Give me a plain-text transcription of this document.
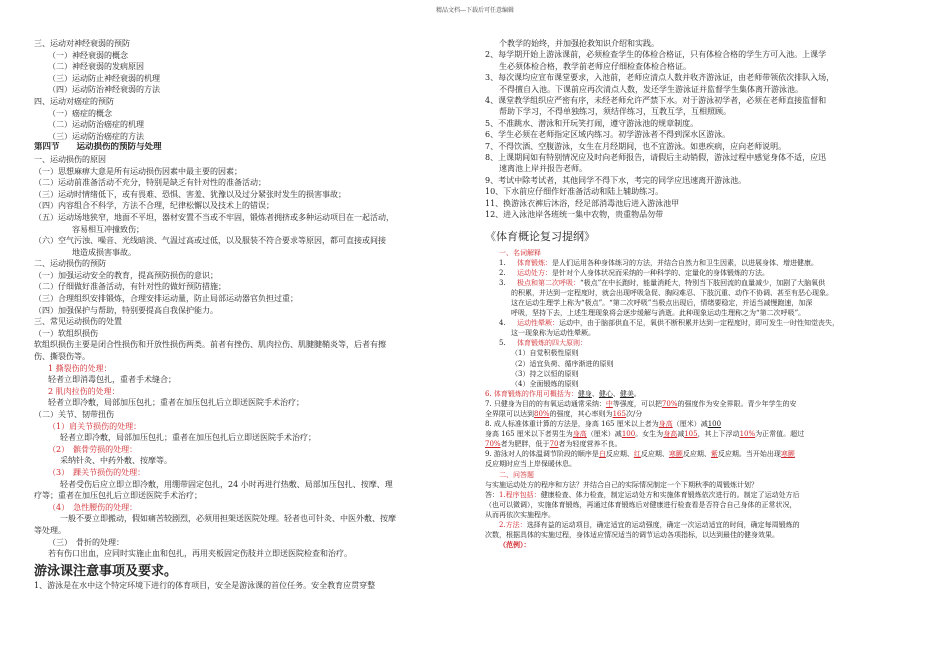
精品文档---下载后可任意编辑
三、运动对神经衰弱的预防
（一）神经衰弱的概念
（二）神经衰弱的发病原因
（三）运动防止神经衰弱的机理
（四）运动防治神经衰弱的方法
四、运动对癌症的预防
（一）癌症的概念
（二）运动防治癌症的机理
（三）运动防治癌症的方法
第四节　　运动损伤的预防与处理
一、运动损伤的原因
（一）思想麻痹大意是所有运动损伤因素中最主要的因素；
（二）运动前准备活动不充分，特别是缺乏有针对性的准备活动；
（三）运动时情绪低下，或有畏难、恐惧、害羞、犹豫以及过分紧张时发生的损害事故；
（四）内容组合不科学，方法不合理，纪律松懈以及技术上的错误；
（五）运动场地狭窄，地面不平坦，器材安置不当或不牢固，锻炼者拥挤或多种运动项目在一起活动，
容易相互冲撞致伤；
（六）空气污浊、噪音、光线暗淡、气温过高或过低，以及服装不符合要求等原因，都可直接或间接
地造成损害事故。
二、运动损伤的预防
（一）加强运动安全的教育，提高预防损伤的意识；
（二）仔细做好准备活动，有针对性的做好预防措施；
（三）合理组织安排锻炼，合理安排运动量，防止局部运动器官负担过重；
（四）加强保护与帮助，特别要提高自我保护能力。
三、常见运动损伤的处置
（一）软组织损伤
软组织损伤主要是闭合性损伤和开放性损伤两类。前者有挫伤、肌肉拉伤、肌腱腱鞘炎等，后者有擦
伤、撕裂伤等。
1 撕裂伤的处理：
轻者立即消毒包扎，重者手术缝合；
2 肌肉拉伤的处理：
轻者立即冷敷，局部加压包扎；重者在加压包扎后立即送医院手术治疗；
（二）关节、韧带扭伤
（1）肩关节损伤的处理：
轻者立即冷敷，局部加压包扎；重者在加压包扎后立即送医院手术治疗；
（2）　髌骨劳损的处理：
采纳针灸、中药外敷、按摩等。
（3）　踝关节损伤的处理：
轻者受伤后应立即立即冷敷，用绷带固定包扎，24 小时再进行热敷、局部加压包扎、按摩、理
疗等；重者在加压包扎后立即送医院手术治疗；
（4）　急性腰伤的处理：
一般不要立即搬动，假如痛苦较剧烈，必须用担架送医院处理。轻者也可针灸、中医外敷、按摩
等处理。
（三）　骨折的处理：
若有伤口出血，应同时实施止血和包扎，再用夹板固定伤肢并立即送医院检查和治疗。
游泳课注意事项及要求。
1、游泳是在水中这个特定环境下进行的体育项目，安全是游泳课的首位任务。安全教育应贯穿整
个教学的始终，并加强抢救知识介绍和实践。
2、每学期开始上游泳课前，必须检查学生的体检合格证，只有体检合格的学生方可入池。上课学
生必须体检合格，教学前老师应仔细检查体检合格证。
3、每次课均应宣布课堂要求，入池前，老师应清点人数并收齐游泳证，由老师带领依次排队入场，
不得擅自入池。下课前应再次清点人数，发还学生游泳证并监督学生集体离开游泳池。
4、课堂教学组织应严密有序，未经老师允许严禁下水。对于游泳初学者，必须在老师直接监督和
帮助下学习，不得单独练习，须结伴练习，互教互学，互相照顾。
5、不准跳水、潜泳和开玩笑打闹，遵守游泳池的规章制度。
6、学生必须在老师指定区域内练习。初学游泳者不得到深水区游泳。
7、不得饮酒、空腹游泳，女生在月经期间，也不宜游泳。如患疾病，应向老师说明。
8、上课期间如有特别情况应及时向老师报告，请假后主动销假，游泳过程中感觉身体不适，应迅
速离池上岸并报告老师。
9、考试中除考试者，其他同学不得下水，考完的同学应迅速离开游泳池。
10、下水前应仔细作好准备活动和陆上辅助练习。
11、换游泳衣裤后沐浴，经足部消毒池后进入游泳池甲
12、进入泳池岸各班统一集中农物，贵重物品勿带
《体育概论复习提纲》
一、名词解释
1. 体育锻炼：是人们运用各种身体练习的方法，并结合自然力和卫生因素，以进展身体、增进健康。
2. 运动处方：是针对个人身体状况而采纳的一种科学的、定量化的身体锻炼的方法。
3. 极点和第二次呼吸：“极点”在中长跑时，能量消耗大，特别当下肢回流的血量减少，加剧了大脑氧供
的积累，并达到一定程度时，就会出现呼吸急促、胸闷难忍、下肢沉重、动作不协调、甚至有恶心现象。
这在运动生理学上称为“极点”。“第二次呼吸”当极点出现后，情绪要稳定，并适当减慢跑速，加深
呼吸，坚持下去，上述生理现象将会逐步缓解与消逝。此种现象运动生理称之为“第二次呼吸”。
4. 运动性晕厥：运动中，由于脑部供血不足，氧供不断积累并达到一定程度时，即可发生一时性知觉丧失，
这一现象称为运动性晕厥。
5. 体育锻炼的四大原则：
（1）自觉积极性原则
（2）适宜负荷、循序渐进的原则
（3）持之以恒的原则
（4）全面锻炼的原则
6. 体育锻炼的作用可概括为：健身、健心、健美。
7. 只健身为目的的有氧运动通常采纳：中等强度，可以把70%的强度作为安全界限。青少年学生的安
全界限可以达到80%的强度，其心率则为165次/分
8. 成人标准体重计算的方法是，身高 165 厘米以上者为身高（厘米）减100
身高 165 厘米以下者男生为身高（厘米）减100。女生为身高减105，其上下浮动10%为正常值。超过
70%者为肥胖，低于70者为轻度营养不良。
9. 游泳对人的体温调节阶段的顺序是白反应期、红反应期、寒颤反应期、紫反应期。当开始出现寒颤
反应期时应当上岸保暖休息。
二、问答题
与实施运动处方的程序和方法？并结合自己的实际情况制定一个下期秋季的周锻炼计划？
答：1.程序包括：健康检查、体力检查，制定运动处方和实施体育锻炼依次进行的。制定了运动处方后
（也可以微调），实施体育锻炼，再通过体育锻炼后对健康进行检查看是否符合自己身体的正常状况，
从而再依次实施程序。
2.方法：选择有益的运动项目，确定适宜的运动强度，确定一次运动适宜的时间，确定每周锻炼的
次数，根据具体的实施过程，身体适应情况适当的调节运动各项指标，以达到最佳的健身效果。
（范例）：
